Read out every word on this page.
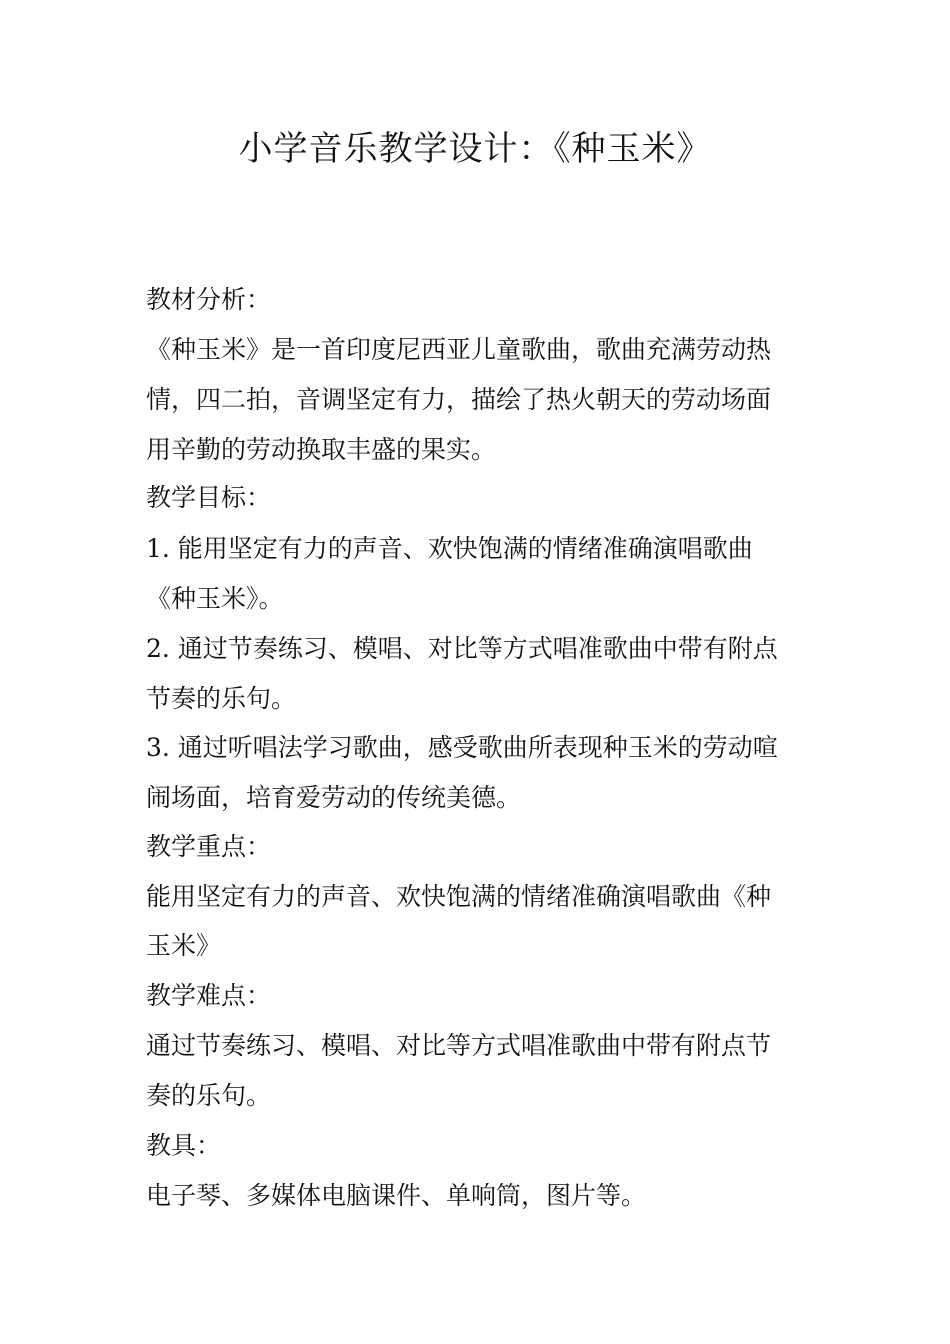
小学音乐教学设计：《种玉米》
教材分析：
《种玉米》是一首印度尼西亚儿童歌曲，歌曲充满劳动热
情，四二拍，音调坚定有力，描绘了热火朝天的劳动场面
用辛勤的劳动换取丰盛的果实。
教学目标：
1. 能用坚定有力的声音、欢快饱满的情绪准确演唱歌曲
《种玉米》。
2. 通过节奏练习、模唱、对比等方式唱准歌曲中带有附点
节奏的乐句。
3. 通过听唱法学习歌曲，感受歌曲所表现种玉米的劳动喧
闹场面，培育爱劳动的传统美德。
教学重点：
能用坚定有力的声音、欢快饱满的情绪准确演唱歌曲《种
玉米》
教学难点：
通过节奏练习、模唱、对比等方式唱准歌曲中带有附点节
奏的乐句。
教具：
电子琴、多媒体电脑课件、单响筒，图片等。
